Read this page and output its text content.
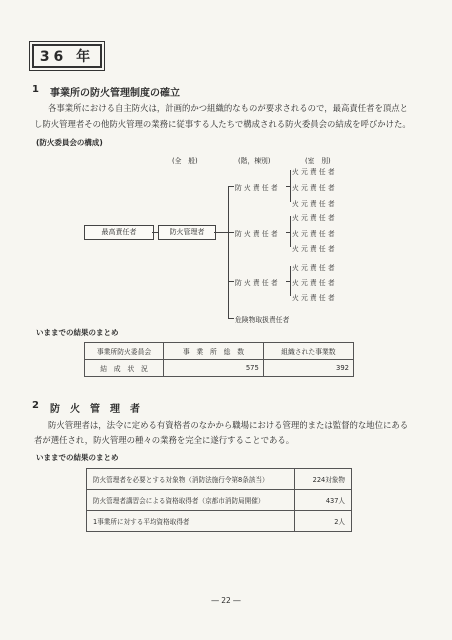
36 年
1 事業所の防火管理制度の確立
各事業所における自主防火は，計画的かつ組織的なものが要求されるので，最高責任者を頂点と
し防火管理者その他防火管理の業務に従事する人たちで構成される防火委員会の結成を呼びかけた。
(防火委員会の構成)
(全　般)	(階，棟別)	(室　別)
最高責任者	防火管理者
防 火 責 任 者
防 火 責 任 者
防 火 責 任 者
危険物取扱責任者
火 元 責 任 者
火 元 責 任 者
火 元 責 任 者
火 元 責 任 者
火 元 責 任 者
火 元 責 任 者
火 元 責 任 者
火 元 責 任 者
火 元 責 任 者
いままでの結果のまとめ
事業所防火委員会	事　業　所　総　数	組織された事業数
結　成　状　況	575	392
2 防　火　管　理　者
防火管理者は，法令に定める有資格者のなかから職場における管理的または監督的な地位にある
者が選任され，防火管理の種々の業務を完全に遂行することである。
いままでの結果のまとめ
防火管理者を必要とする対象物（消防法施行令第8条該当）	224対象物
防火管理者講習会による資格取得者（京都市消防局開催）	437人
1事業所に対する平均資格取得者	2人
― 22 ―
